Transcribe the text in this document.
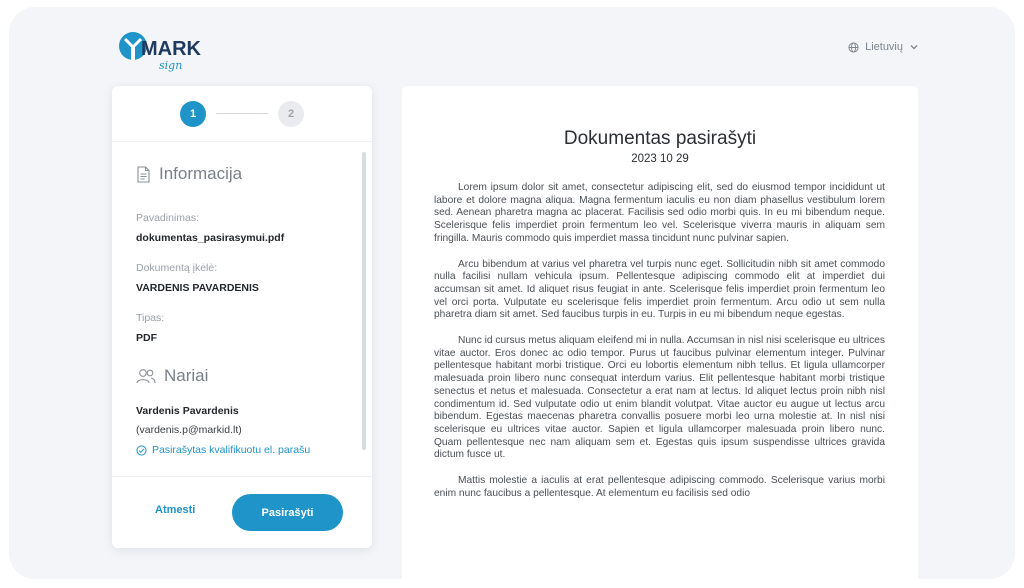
MARK
sign
Lietuvių
1	2
Informacija
Pavadinimas:
dokumentas_pasirasymui.pdf
Dokumentą įkėlė:
VARDENIS PAVARDENIS
Tipas:
PDF
Nariai
Vardenis Pavardenis
(vardenis.p@markid.lt)
Pasirašytas kvalifikuotu el. parašu
Atmesti	Pasirašyti
Dokumentas pasirašyti
2023 10 29

Lorem ipsum dolor sit amet, consectetur adipiscing elit, sed do eiusmod tempor incididunt ut labore et dolore magna aliqua. Magna fermentum iaculis eu non diam phasellus vestibulum lorem sed. Aenean pharetra magna ac placerat. Facilisis sed odio morbi quis. In eu mi bibendum neque. Scelerisque felis imperdiet proin fermentum leo vel. Scelerisque viverra mauris in aliquam sem fringilla. Mauris commodo quis imperdiet massa tincidunt nunc pulvinar sapien.

Arcu bibendum at varius vel pharetra vel turpis nunc eget. Sollicitudin nibh sit amet commodo nulla facilisi nullam vehicula ipsum. Pellentesque adipiscing commodo elit at imperdiet dui accumsan sit amet. Id aliquet risus feugiat in ante. Scelerisque felis imperdiet proin fermentum leo vel orci porta. Vulputate eu scelerisque felis imperdiet proin fermentum. Arcu odio ut sem nulla pharetra diam sit amet. Sed faucibus turpis in eu. Turpis in eu mi bibendum neque egestas.

Nunc id cursus metus aliquam eleifend mi in nulla. Accumsan in nisl nisi scelerisque eu ultrices vitae auctor. Eros donec ac odio tempor. Purus ut faucibus pulvinar elementum integer. Pulvinar pellentesque habitant morbi tristique. Orci eu lobortis elementum nibh tellus. Et ligula ullamcorper malesuada proin libero nunc consequat interdum varius. Elit pellentesque habitant morbi tristique senectus et netus et malesuada. Consectetur a erat nam at lectus. Id aliquet lectus proin nibh nisl condimentum id. Sed vulputate odio ut enim blandit volutpat. Vitae auctor eu augue ut lectus arcu bibendum. Egestas maecenas pharetra convallis posuere morbi leo urna molestie at. In nisl nisi scelerisque eu ultrices vitae auctor. Sapien et ligula ullamcorper malesuada proin libero nunc. Quam pellentesque nec nam aliquam sem et. Egestas quis ipsum suspendisse ultrices gravida dictum fusce ut.

Mattis molestie a iaculis at erat pellentesque adipiscing commodo. Scelerisque varius morbi enim nunc faucibus a pellentesque. At elementum eu facilisis sed odio
